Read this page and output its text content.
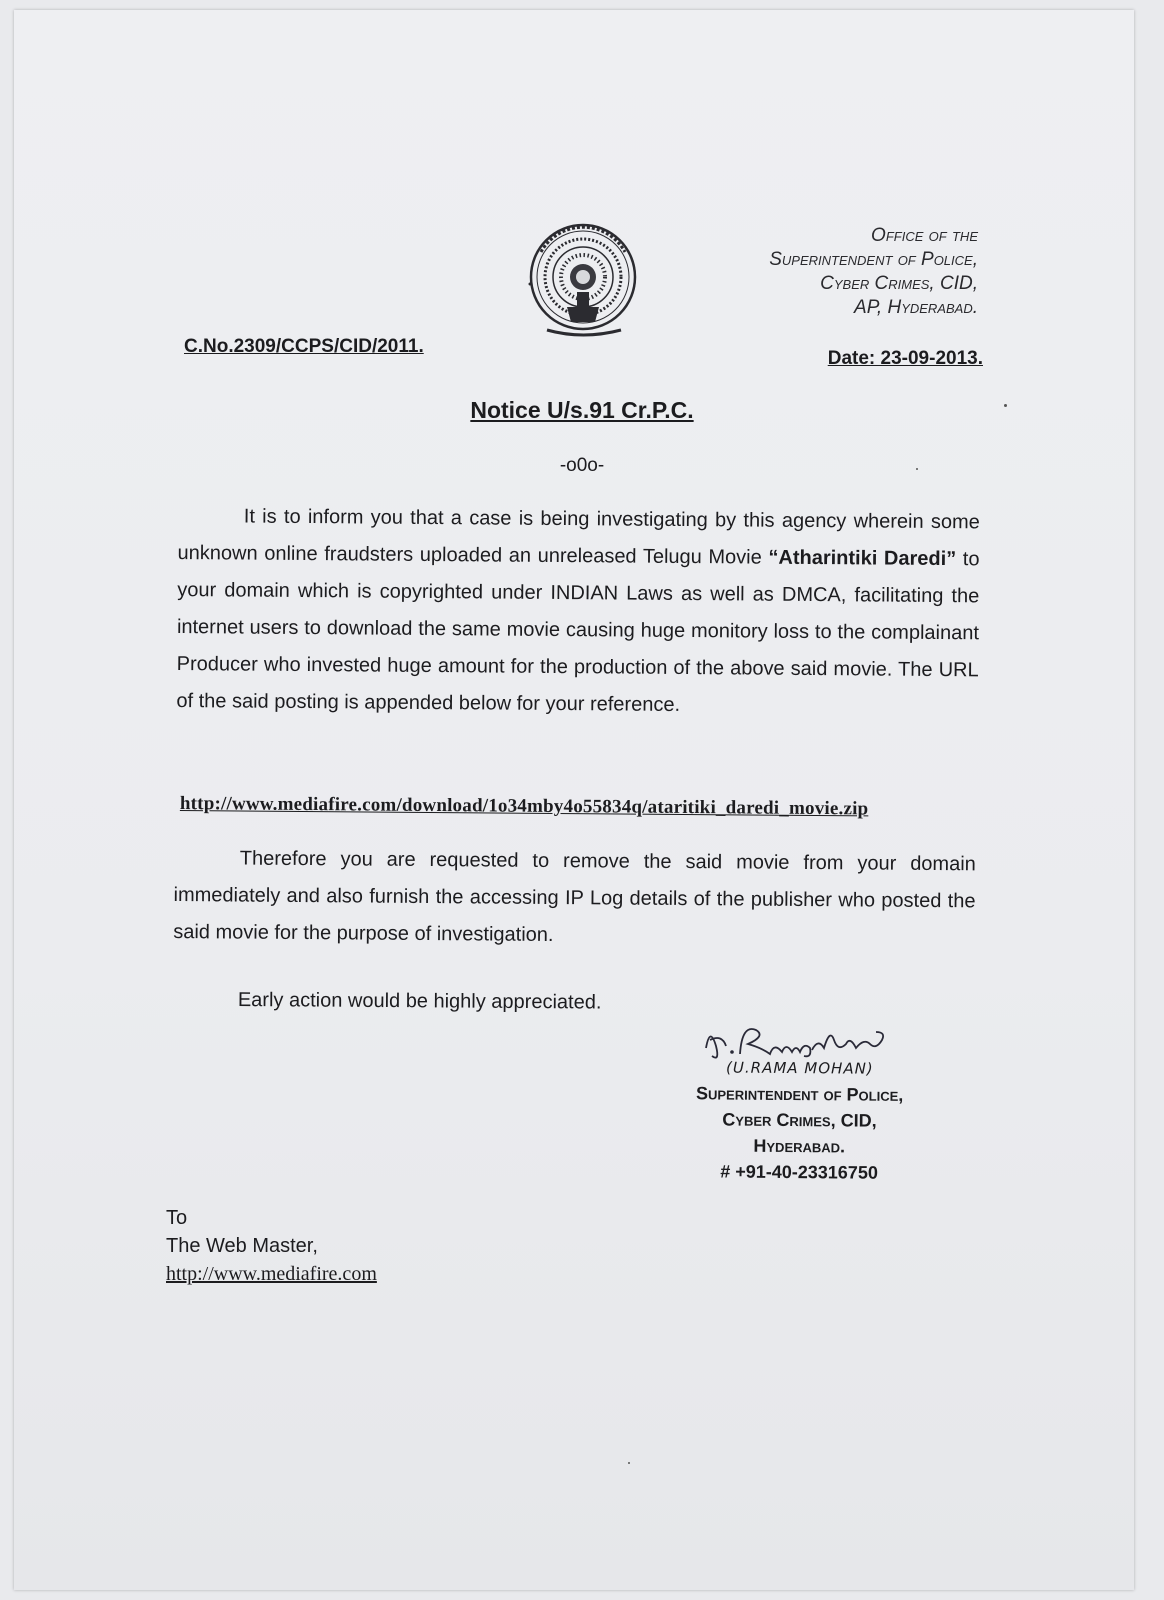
Office of the
Superintendent of Police,
Cyber Crimes, CID,
AP, Hyderabad.
C.No.2309/CCPS/CID/2011.
Date: 23-09-2013.
Notice U/s.91 Cr.P.C.
-o0o-

It is to inform you that a case is being investigating by this agency wherein some unknown online fraudsters uploaded an unreleased Telugu Movie “Atharintiki Daredi” to your domain which is copyrighted under INDIAN Laws as well as DMCA, facilitating the internet users to download the same movie causing huge monitory loss to the complainant Producer who invested huge amount for the production of the above said movie. The URL of the said posting is appended below for your reference.

http://www.mediafire.com/download/1o34mby4o55834q/ataritiki_daredi_movie.zip

Therefore you are requested to remove the said movie from your domain immediately and also furnish the accessing IP Log details of the publisher who posted the said movie for the purpose of investigation.

Early action would be highly appreciated.

(U.RAMA MOHAN)
Superintendent of Police,
Cyber Crimes, CID,
Hyderabad.
# +91-40-23316750
To
The Web Master,
http://www.mediafire.com
